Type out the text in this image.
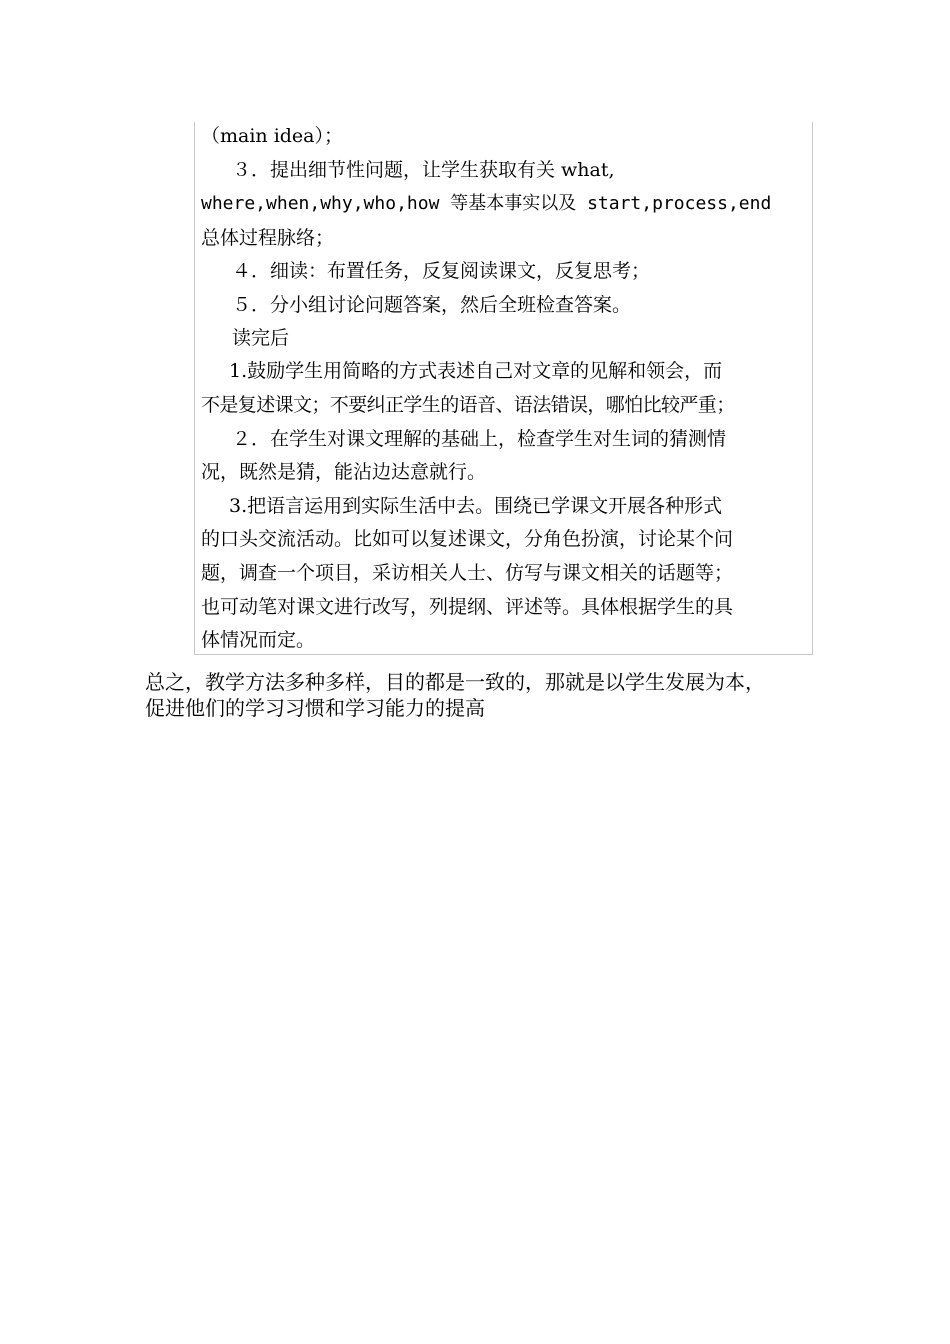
（main idea）；
３．提出细节性问题，让学生获取有关 what,
where,when,why,who,how 等基本事实以及 start,process,end
总体过程脉络；
４．细读：布置任务，反复阅读课文，反复思考；
５．分小组讨论问题答案，然后全班检查答案。
读完后
1.鼓励学生用简略的方式表述自己对文章的见解和领会，而
不是复述课文；不要纠正学生的语音、语法错误，哪怕比较严重；
２．在学生对课文理解的基础上，检查学生对生词的猜测情
况，既然是猜，能沾边达意就行。
3.把语言运用到实际生活中去。围绕已学课文开展各种形式
的口头交流活动。比如可以复述课文，分角色扮演，讨论某个问
题，调查一个项目，采访相关人士、仿写与课文相关的话题等；
也可动笔对课文进行改写，列提纲、评述等。具体根据学生的具
体情况而定。
总之，教学方法多种多样，目的都是一致的，那就是以学生发展为本，
促进他们的学习习惯和学习能力的提高
